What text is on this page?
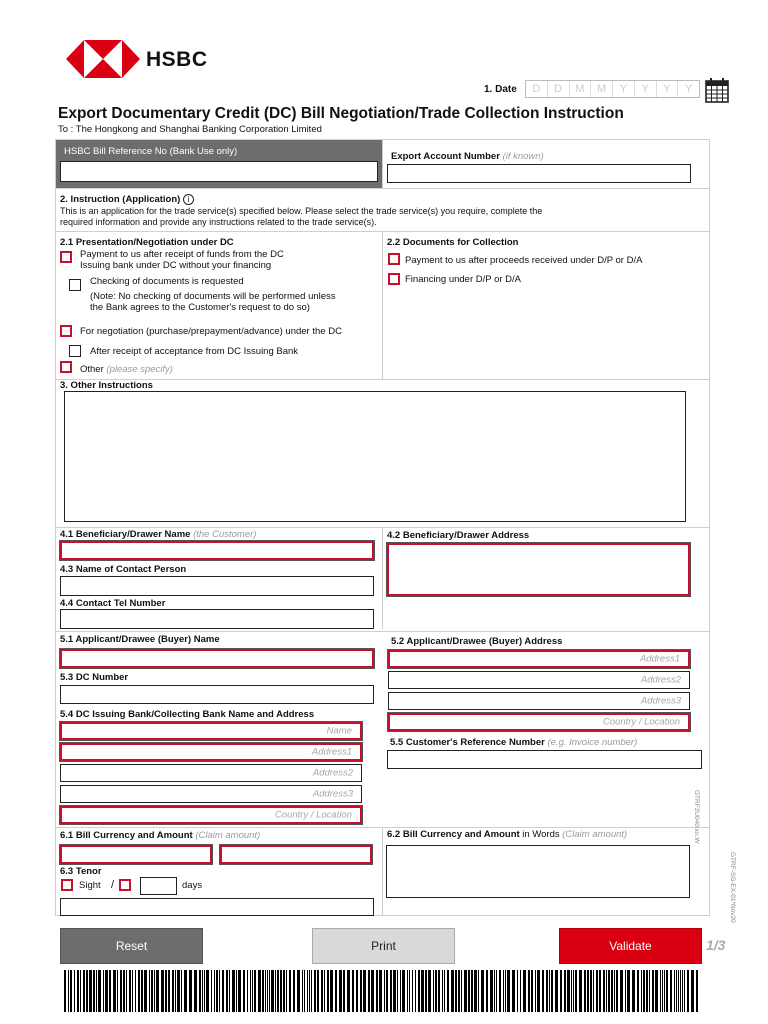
HSBC
1. Date	D	D	M	M	Y	Y	Y	Y
Export Documentary Credit (DC) Bill Negotiation/Trade Collection Instruction
To : The Hongkong and Shanghai Banking Corporation Limited
HSBC Bill Reference No (Bank Use only)	Export Account Number (if known)
2. Instruction (Application) i
This is an application for the trade service(s) specified below. Please select the trade service(s) you require, complete the
required information and provide any instructions related to the trade service(s).
2.1 Presentation/Negotiation under DC
Payment to us after receipt of funds from the DC
Issuing bank under DC without your financing
Checking of documents is requested
(Note: No checking of documents will be performed unless
the Bank agrees to the Customer's request to do so)
For negotiation (purchase/prepayment/advance) under the DC
After receipt of acceptance from DC Issuing Bank
Other (please specify)
2.2 Documents for Collection
Payment to us after proceeds received under D/P or D/A
Financing under D/P or D/A
3. Other Instructions
4.1 Beneficiary/Drawer Name (the Customer)	4.2 Beneficiary/Drawer Address
4.3 Name of Contact Person
4.4 Contact Tel Number
5.1 Applicant/Drawee (Buyer) Name	5.2 Applicant/Drawee (Buyer) Address
Address1
Address2
Address3
Country / Location
5.3 DC Number
5.4 DC Issuing Bank/Collecting Bank Name and Address
Name
Address1
Address2
Address3
Country / Location
5.5 Customer's Reference Number (e.g. Invoice number)
6.1 Bill Currency and Amount (Claim amount)	6.2 Bill Currency and Amount in Words (Claim amount)
6.3 Tenor
Sight /	days
GTRF2U040.xn.W
GTRF-SG-EX-01*Nov20
Reset	Print	Validate	1/3
